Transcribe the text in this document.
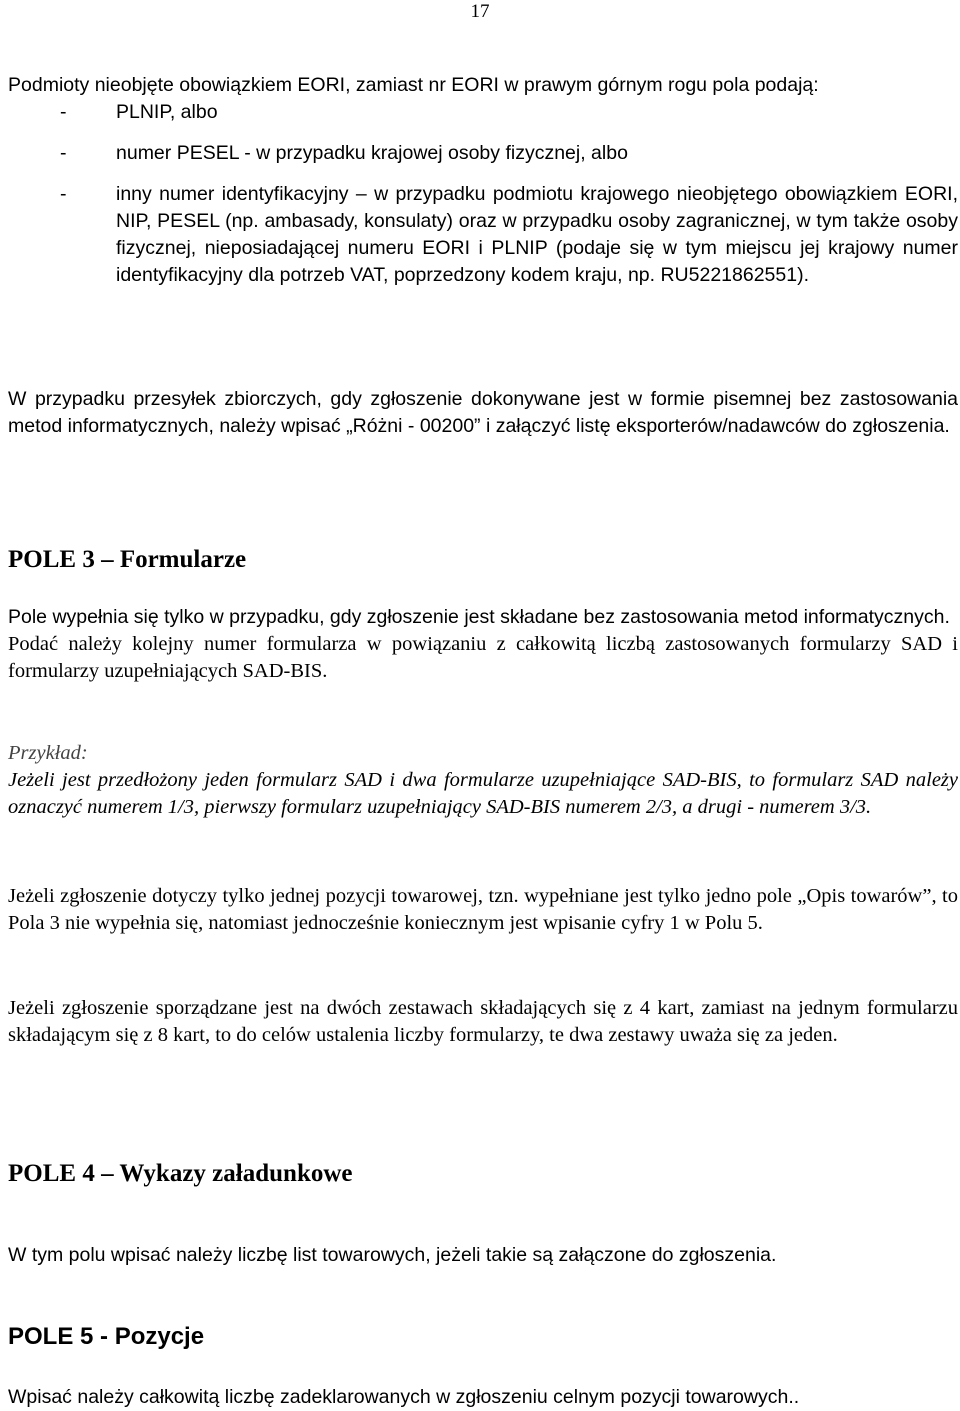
17

Podmioty nieobjęte obowiązkiem EORI, zamiast nr EORI w prawym górnym rogu pola podają:

-	PLNIP, albo
-	numer PESEL - w przypadku krajowej osoby fizycznej, albo
-	inny numer identyfikacyjny – w przypadku podmiotu krajowego nieobjętego obowiązkiem EORI, NIP, PESEL (np. ambasady, konsulaty) oraz w przypadku osoby zagranicznej, w tym także osoby fizycznej, nieposiadającej numeru EORI i PLNIP (podaje się w tym miejscu jej krajowy numer identyfikacyjny dla potrzeb VAT, poprzedzony kodem kraju, np. RU5221862551).

W przypadku przesyłek zbiorczych, gdy zgłoszenie dokonywane jest w formie pisemnej bez zastosowania metod informatycznych, należy wpisać „Różni - 00200” i załączyć listę eksporterów/nadawców do zgłoszenia.

POLE 3 – Formularze

Pole wypełnia się tylko w przypadku, gdy zgłoszenie jest składane bez zastosowania metod informatycznych.

Podać należy kolejny numer formularza w powiązaniu z całkowitą liczbą zastosowanych formularzy SAD i formularzy uzupełniających SAD-BIS.

Przykład:

Jeżeli jest przedłożony jeden formularz SAD i dwa formularze uzupełniające SAD-BIS, to formularz SAD należy oznaczyć numerem 1/3, pierwszy formularz uzupełniający SAD-BIS numerem 2/3, a drugi - numerem 3/3.

Jeżeli zgłoszenie dotyczy tylko jednej pozycji towarowej, tzn. wypełniane jest tylko jedno pole „Opis towarów”, to Pola 3 nie wypełnia się, natomiast jednocześnie koniecznym jest wpisanie cyfry 1 w Polu 5.

Jeżeli zgłoszenie sporządzane jest na dwóch zestawach składających się z 4 kart, zamiast na jednym formularzu składającym się z 8 kart, to do celów ustalenia liczby formularzy, te dwa zestawy uważa się za jeden.

POLE 4 – Wykazy załadunkowe

W tym polu wpisać należy liczbę list towarowych, jeżeli takie są załączone do zgłoszenia.

POLE 5 - Pozycje

Wpisać należy całkowitą liczbę zadeklarowanych w zgłoszeniu celnym pozycji towarowych..
